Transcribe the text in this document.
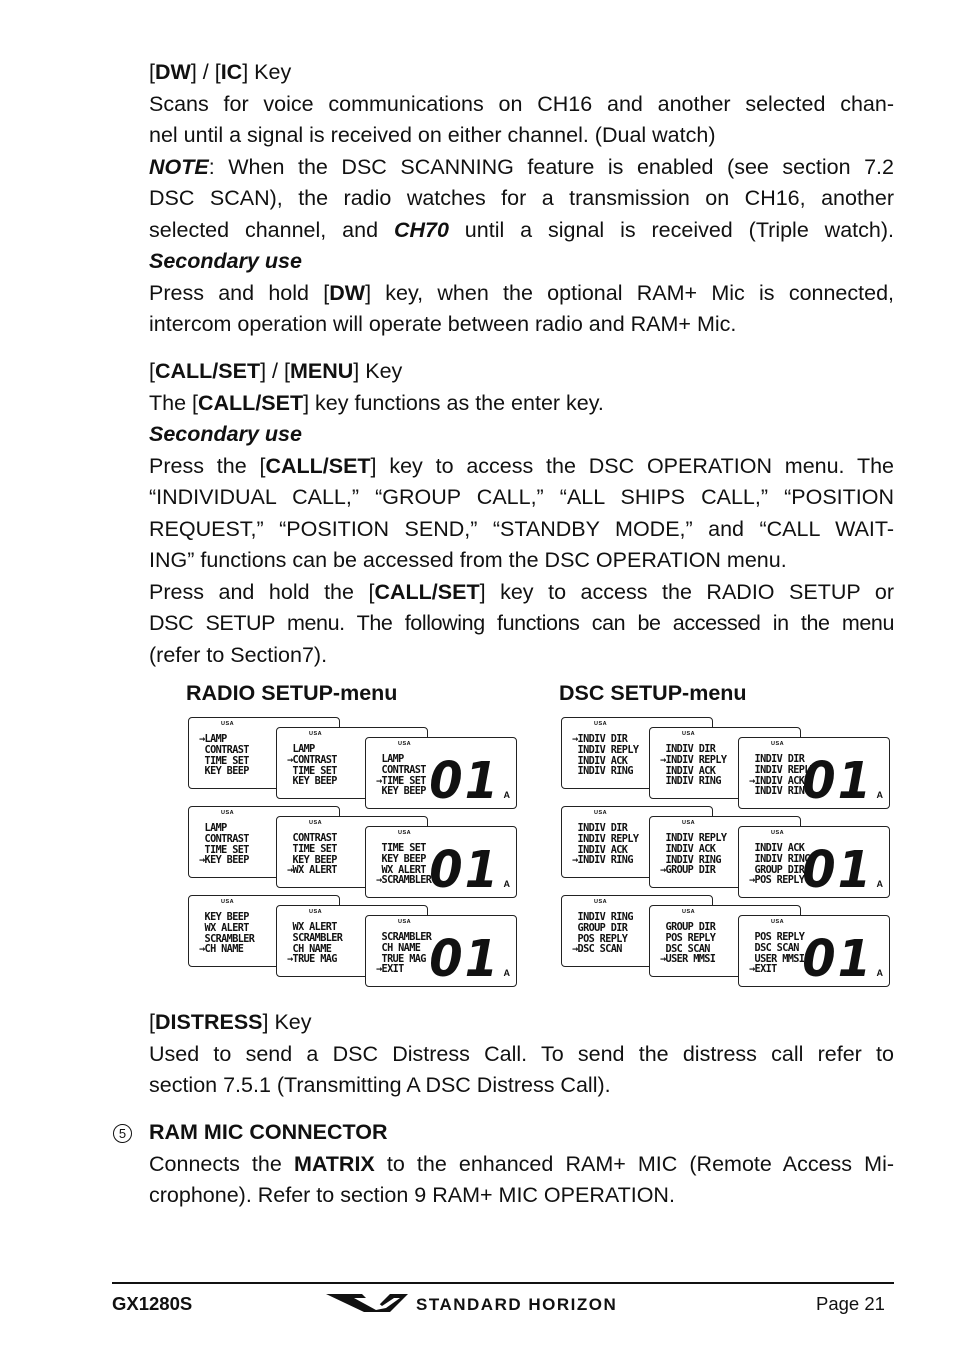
[DW] / [IC] Key
Scans for voice communications on CH16 and another selected chan-
nel until a signal is received on either channel. (Dual watch)
NOTE: When the DSC SCANNING feature is enabled (see section 7.2
DSC SCAN), the radio watches for a transmission on CH16, another
selected channel, and CH70 until a signal is received (Triple watch).
Secondary use
Press and hold [DW] key, when the optional RAM+ Mic is connected,
intercom operation will operate between radio and RAM+ Mic.
[CALL/SET] / [MENU] Key
The [CALL/SET] key functions as the enter key.
Secondary use
Press the [CALL/SET] key to access the DSC OPERATION menu. The
“INDIVIDUAL CALL,” “GROUP CALL,” “ALL SHIPS CALL,” “POSITION
REQUEST,” “POSITION SEND,” “STANDBY MODE,” and “CALL WAIT-
ING” functions can be accessed from the DSC OPERATION menu.
Press and hold the [CALL/SET] key to access the RADIO SETUP or
DSC SETUP menu. The following functions can be accessed in the menu
(refer to Section7).
RADIO SETUP-menu	DSC SETUP-menu
USA
→LAMP
CONTRAST
TIME SET
KEY BEEP
USA
LAMP
→CONTRAST
TIME SET
KEY BEEP
USA
LAMP
CONTRAST
→TIME SET
KEY BEEP 01 A
USA
LAMP
CONTRAST
TIME SET
→KEY BEEP
USA
CONTRAST
TIME SET
KEY BEEP
→WX ALERT
USA
TIME SET
KEY BEEP
WX ALERT
→SCRAMBLER
01 A
USA
KEY BEEP
WX ALERT
SCRAMBLER
→CH NAME
USA
WX ALERT
SCRAMBLER
CH NAME
→TRUE MAG
USA
SCRAMBLER
CH NAME
TRUE MAG
→EXIT 01 A
USA
→INDIV DIR
INDIV REPLY
INDIV ACK
INDIV RING
USA
INDIV DIR
→INDIV REPLY
INDIV ACK
INDIV RING
USA
INDIV DIR
INDIV REPLY
→INDIV ACK
INDIV RING
01 A
USA
INDIV DIR
INDIV REPLY
INDIV ACK
→INDIV RING
USA
INDIV REPLY
INDIV ACK
INDIV RING
→GROUP DIR
USA
INDIV ACK
INDIV RING
GROUP DIR
→POS REPLY
01 A
USA
INDIV RING
GROUP DIR
POS REPLY
→DSC SCAN
USA
GROUP DIR
POS REPLY
DSC SCAN
→USER MMSI
USA
POS REPLY
DSC SCAN
USER MMSI
→EXIT 01 A
[DISTRESS] Key
Used to send a DSC Distress Call. To send the distress call refer to
section 7.5.1 (Transmitting A DSC Distress Call).
5 RAM MIC CONNECTOR
Connects the MATRIX to the enhanced RAM+ MIC (Remote Access Mi-
crophone). Refer to section 9 RAM+ MIC OPERATION.
GX1280S	STANDARD HORIZON	Page 21
